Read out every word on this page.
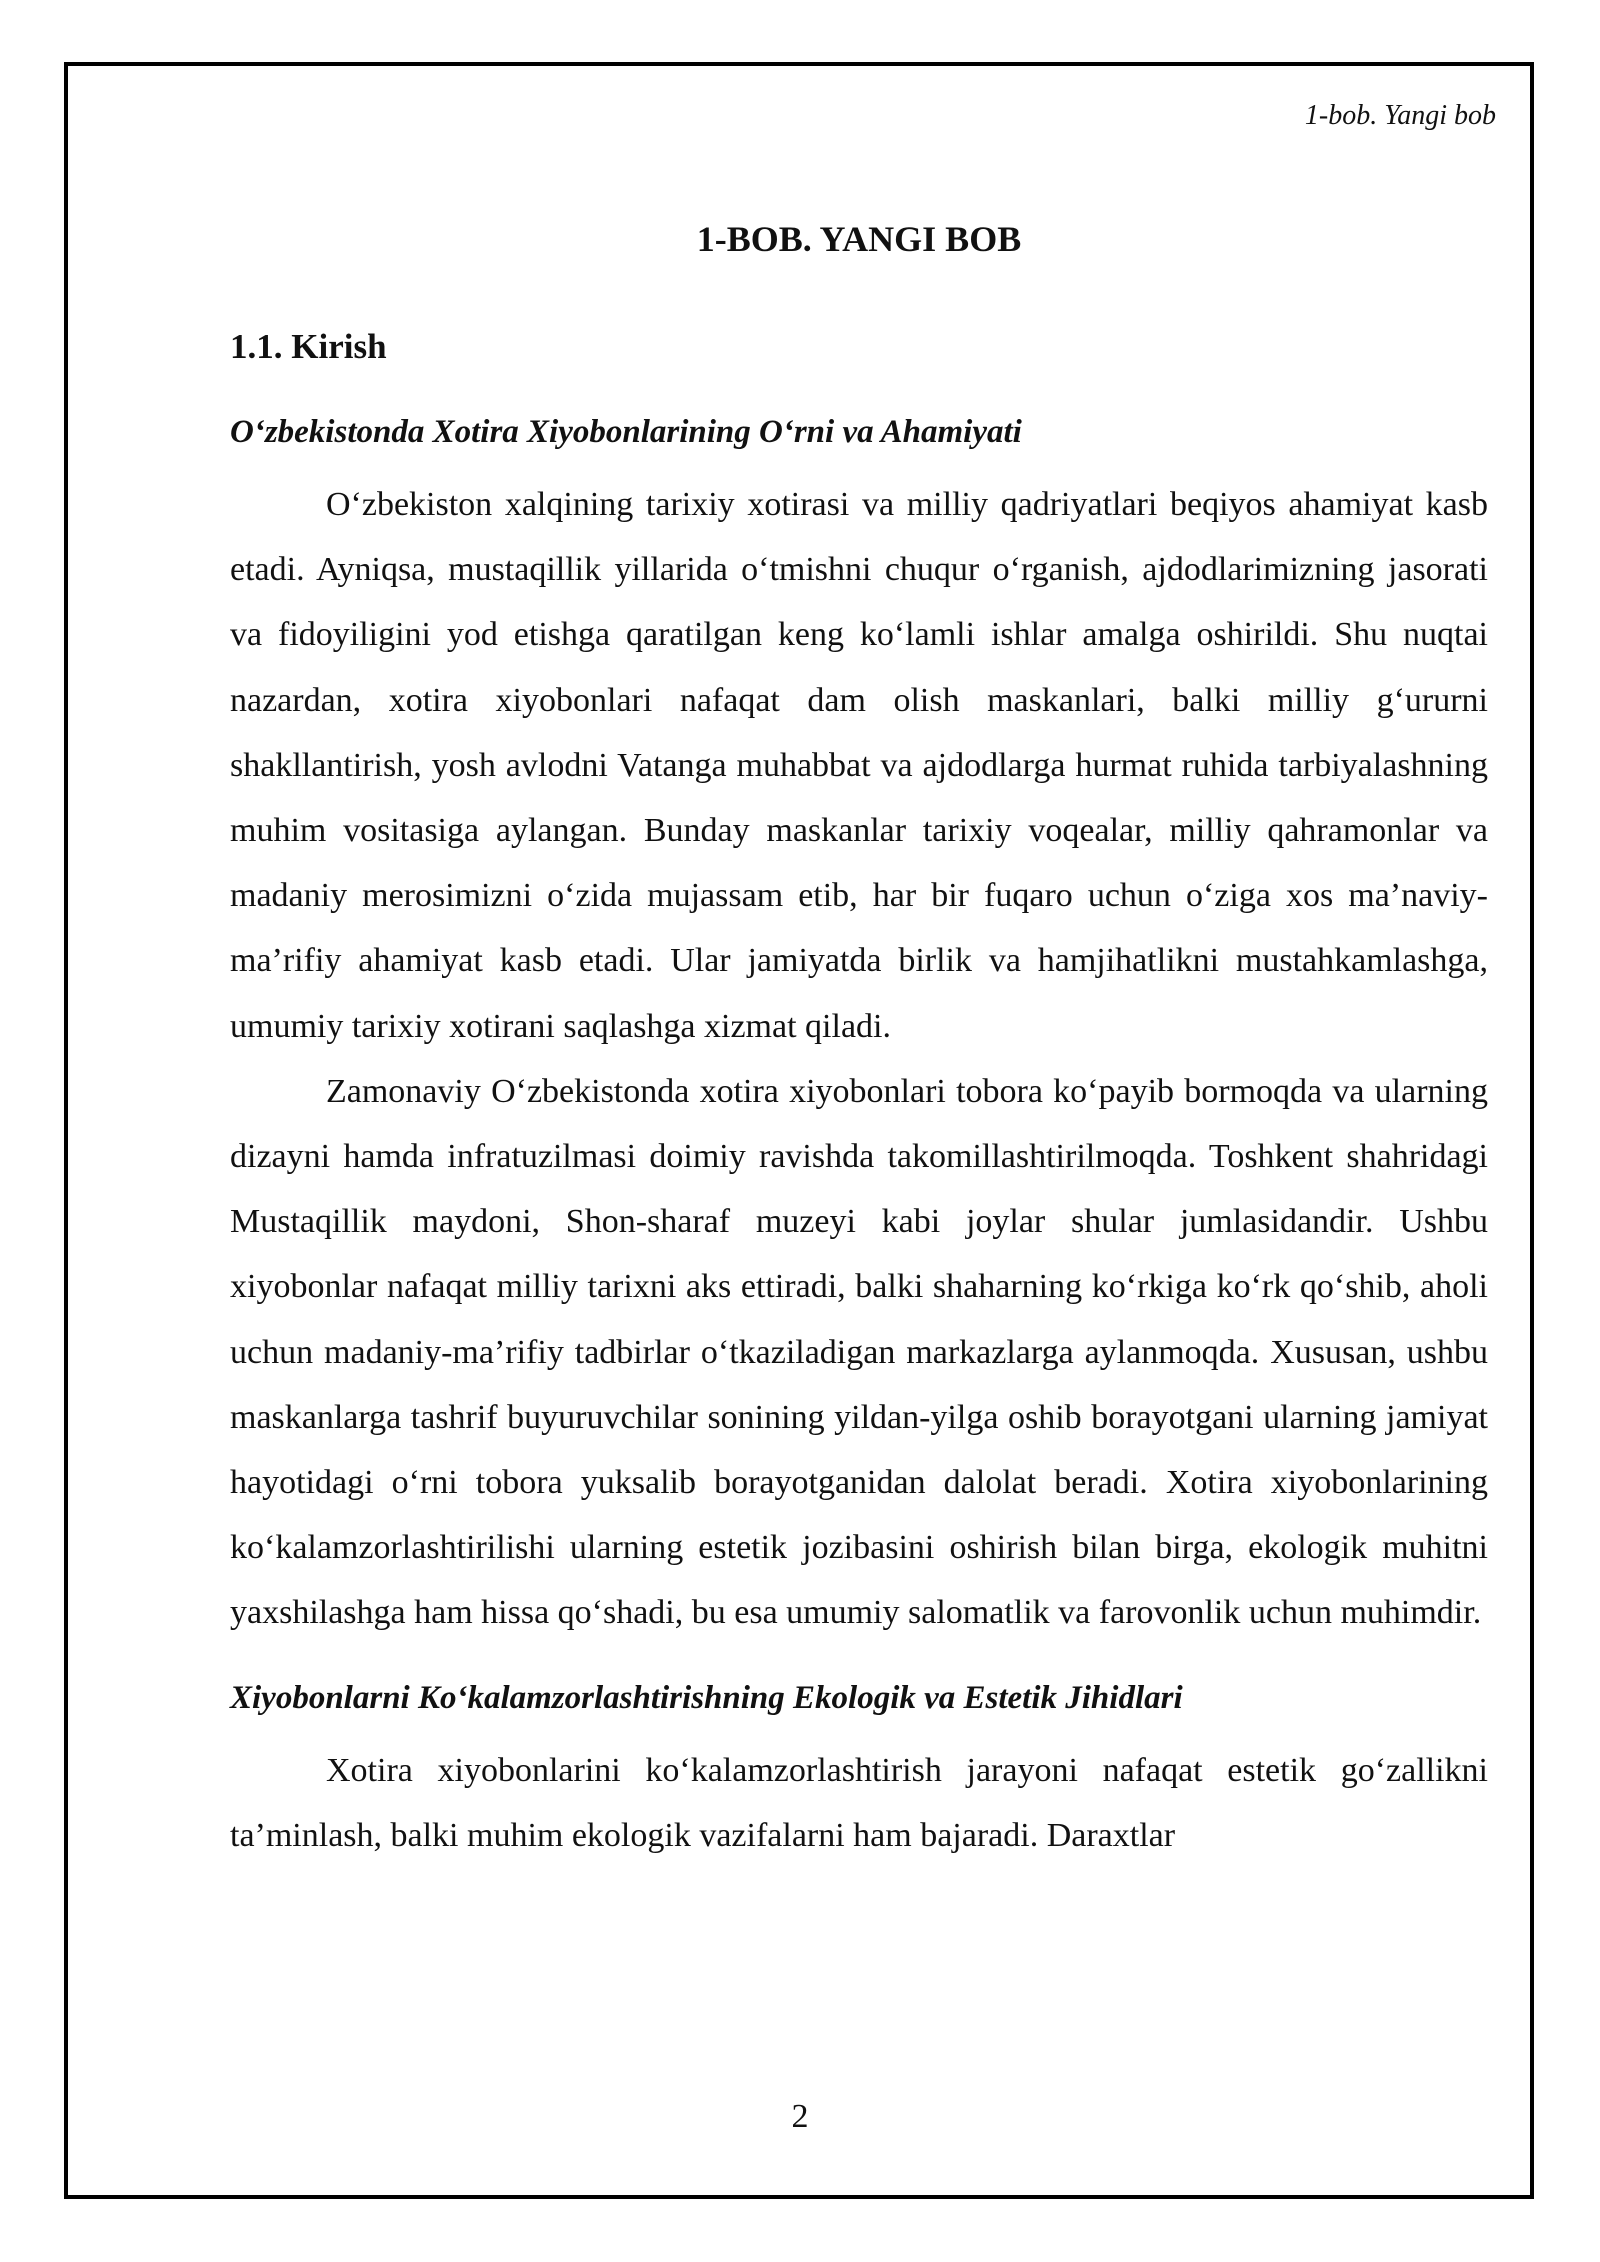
1-bob. Yangi bob
1-BOB. YANGI BOB
1.1. Kirish
O‘zbekistonda Xotira Xiyobonlarining O‘rni va Ahamiyati

O‘zbekiston xalqining tarixiy xotirasi va milliy qadriyatlari beqiyos ahamiyat kasb etadi. Ayniqsa, mustaqillik yillarida o‘tmishni chuqur o‘rganish, ajdodlarimizning jasorati va fidoyiligini yod etishga qaratilgan keng ko‘lamli ishlar amalga oshirildi. Shu nuqtai nazardan, xotira xiyobonlari nafaqat dam olish maskanlari, balki milliy g‘ururni shakllantirish, yosh avlodni Vatanga muhabbat va ajdodlarga hurmat ruhida tarbiyalashning muhim vositasiga aylangan. Bunday maskanlar tarixiy voqealar, milliy qahramonlar va madaniy merosimizni o‘zida mujassam etib, har bir fuqaro uchun o‘ziga xos ma’naviy-ma’rifiy ahamiyat kasb etadi. Ular jamiyatda birlik va hamjihatlikni mustahkamlashga, umumiy tarixiy xotirani saqlashga xizmat qiladi.

Zamonaviy O‘zbekistonda xotira xiyobonlari tobora ko‘payib bormoqda va ularning dizayni hamda infratuzilmasi doimiy ravishda takomillashtirilmoqda. Toshkent shahridagi Mustaqillik maydoni, Shon-sharaf muzeyi kabi joylar shular jumlasidandir. Ushbu xiyobonlar nafaqat milliy tarixni aks ettiradi, balki shaharning ko‘rkiga ko‘rk qo‘shib, aholi uchun madaniy-ma’rifiy tadbirlar o‘tkaziladigan markazlarga aylanmoqda. Xususan, ushbu maskanlarga tashrif buyuruvchilar sonining yildan-yilga oshib borayotgani ularning jamiyat hayotidagi o‘rni tobora yuksalib borayotganidan dalolat beradi. Xotira xiyobonlarining ko‘kalamzorlashtirilishi ularning estetik jozibasini oshirish bilan birga, ekologik muhitni yaxshilashga ham hissa qo‘shadi, bu esa umumiy salomatlik va farovonlik uchun muhimdir.

Xiyobonlarni Ko‘kalamzorlashtirishning Ekologik va Estetik Jihidlari

Xotira xiyobonlarini ko‘kalamzorlashtirish jarayoni nafaqat estetik go‘zallikni ta’minlash, balki muhim ekologik vazifalarni ham bajaradi. Daraxtlar

2
